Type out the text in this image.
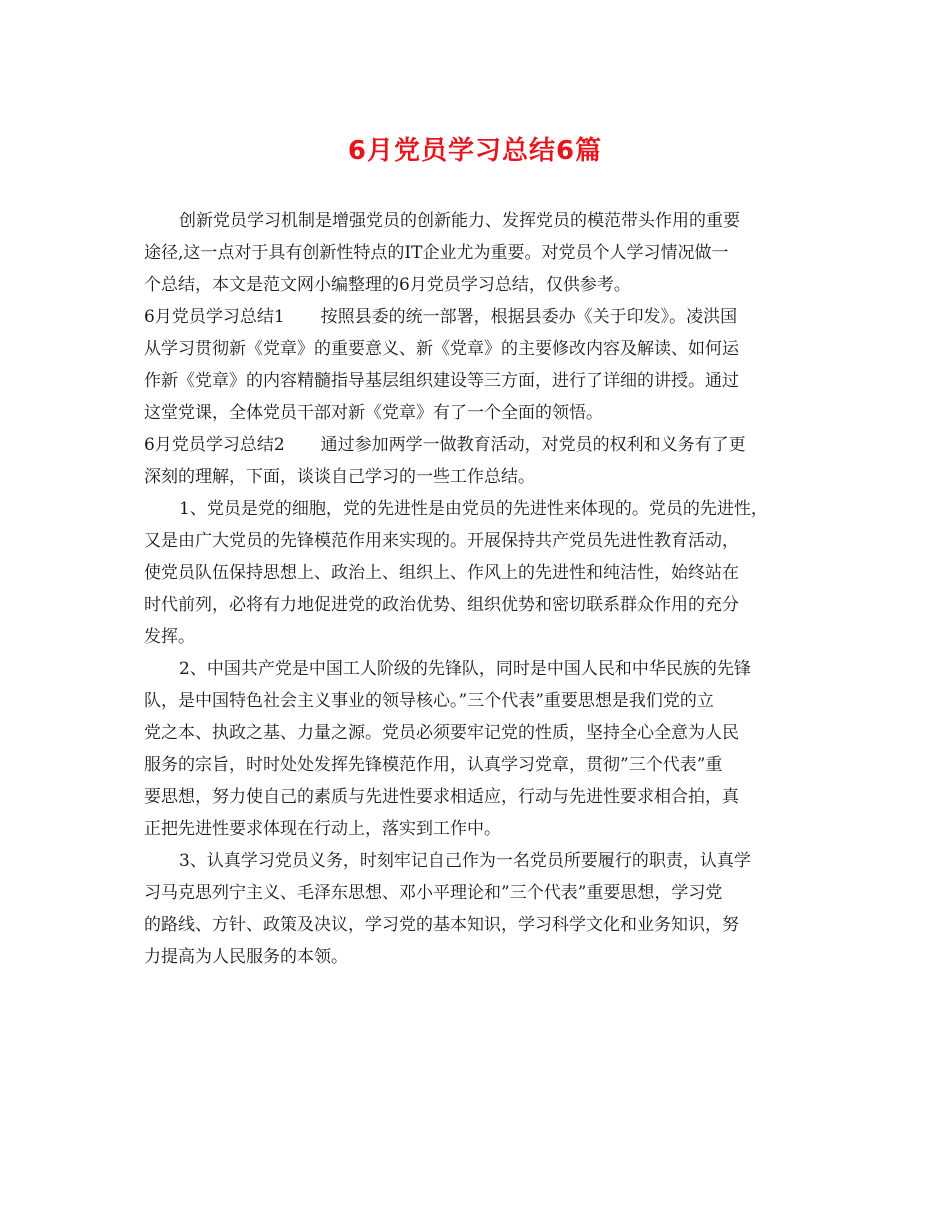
6月党员学习总结6篇
创新党员学习机制是增强党员的创新能力、发挥党员的模范带头作用的重要
途径,这一点对于具有创新性特点的IT企业尤为重要。对党员个人学习情况做一
个总结，本文是范文网小编整理的6月党员学习总结，仅供参考。
6月党员学习总结1 按照县委的统一部署，根据县委办《关于印发》。凌洪国
从学习贯彻新《党章》的重要意义、新《党章》的主要修改内容及解读、如何运
作新《党章》的内容精髓指导基层组织建设等三方面，进行了详细的讲授。通过
这堂党课，全体党员干部对新《党章》有了一个全面的领悟。
6月党员学习总结2 通过参加两学一做教育活动，对党员的权利和义务有了更
深刻的理解，下面，谈谈自己学习的一些工作总结。
1、党员是党的细胞，党的先进性是由党员的先进性来体现的。党员的先进性，
又是由广大党员的先锋模范作用来实现的。开展保持共产党员先进性教育活动，
使党员队伍保持思想上、政治上、组织上、作风上的先进性和纯洁性，始终站在
时代前列，必将有力地促进党的政治优势、组织优势和密切联系群众作用的充分
发挥。
2、中国共产党是中国工人阶级的先锋队，同时是中国人民和中华民族的先锋
队，是中国特色社会主义事业的领导核心。”三个代表”重要思想是我们党的立
党之本、执政之基、力量之源。党员必须要牢记党的性质，坚持全心全意为人民
服务的宗旨，时时处处发挥先锋模范作用，认真学习党章，贯彻”三个代表”重
要思想，努力使自己的素质与先进性要求相适应，行动与先进性要求相合拍，真
正把先进性要求体现在行动上，落实到工作中。
3、认真学习党员义务，时刻牢记自己作为一名党员所要履行的职责，认真学
习马克思列宁主义、毛泽东思想、邓小平理论和”三个代表”重要思想，学习党
的路线、方针、政策及决议，学习党的基本知识，学习科学文化和业务知识，努
力提高为人民服务的本领。
